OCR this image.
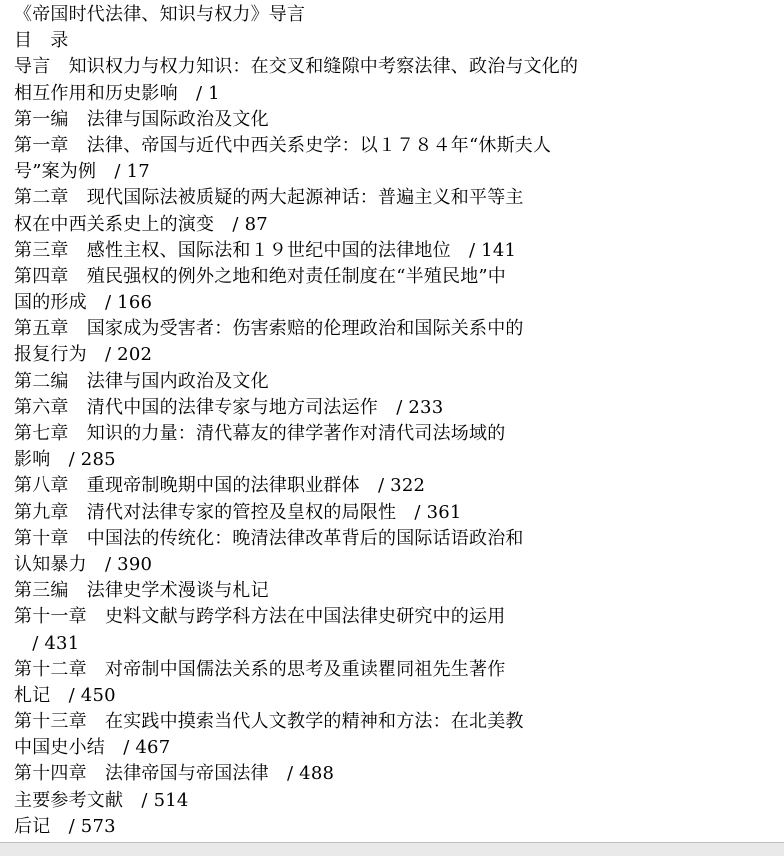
《帝国时代法律、知识与权力》导言
目　录
导言　知识权力与权力知识：在交叉和缝隙中考察法律、政治与文化的
相互作用和历史影响　/ 1
第一编　法律与国际政治及文化
第一章　法律、帝国与近代中西关系史学：以１７８４年“休斯夫人
号”案为例　/ 17
第二章　现代国际法被质疑的两大起源神话：普遍主义和平等主
权在中西关系史上的演变　/ 87
第三章　感性主权、国际法和１９世纪中国的法律地位　/ 141
第四章　殖民强权的例外之地和绝对责任制度在“半殖民地”中
国的形成　/ 166
第五章　国家成为受害者：伤害索赔的伦理政治和国际关系中的
报复行为　/ 202
第二编　法律与国内政治及文化
第六章　清代中国的法律专家与地方司法运作　/ 233
第七章　知识的力量：清代幕友的律学著作对清代司法场域的
影响　/ 285
第八章　重现帝制晚期中国的法律职业群体　/ 322
第九章　清代对法律专家的管控及皇权的局限性　/ 361
第十章　中国法的传统化：晚清法律改革背后的国际话语政治和
认知暴力　/ 390
第三编　法律史学术漫谈与札记
第十一章　史料文献与跨学科方法在中国法律史研究中的运用
　/ 431
第十二章　对帝制中国儒法关系的思考及重读瞿同祖先生著作
札记　/ 450
第十三章　在实践中摸索当代人文教学的精神和方法：在北美教
中国史小结　/ 467
第十四章　法律帝国与帝国法律　/ 488
主要参考文献　/ 514
后记　/ 573
